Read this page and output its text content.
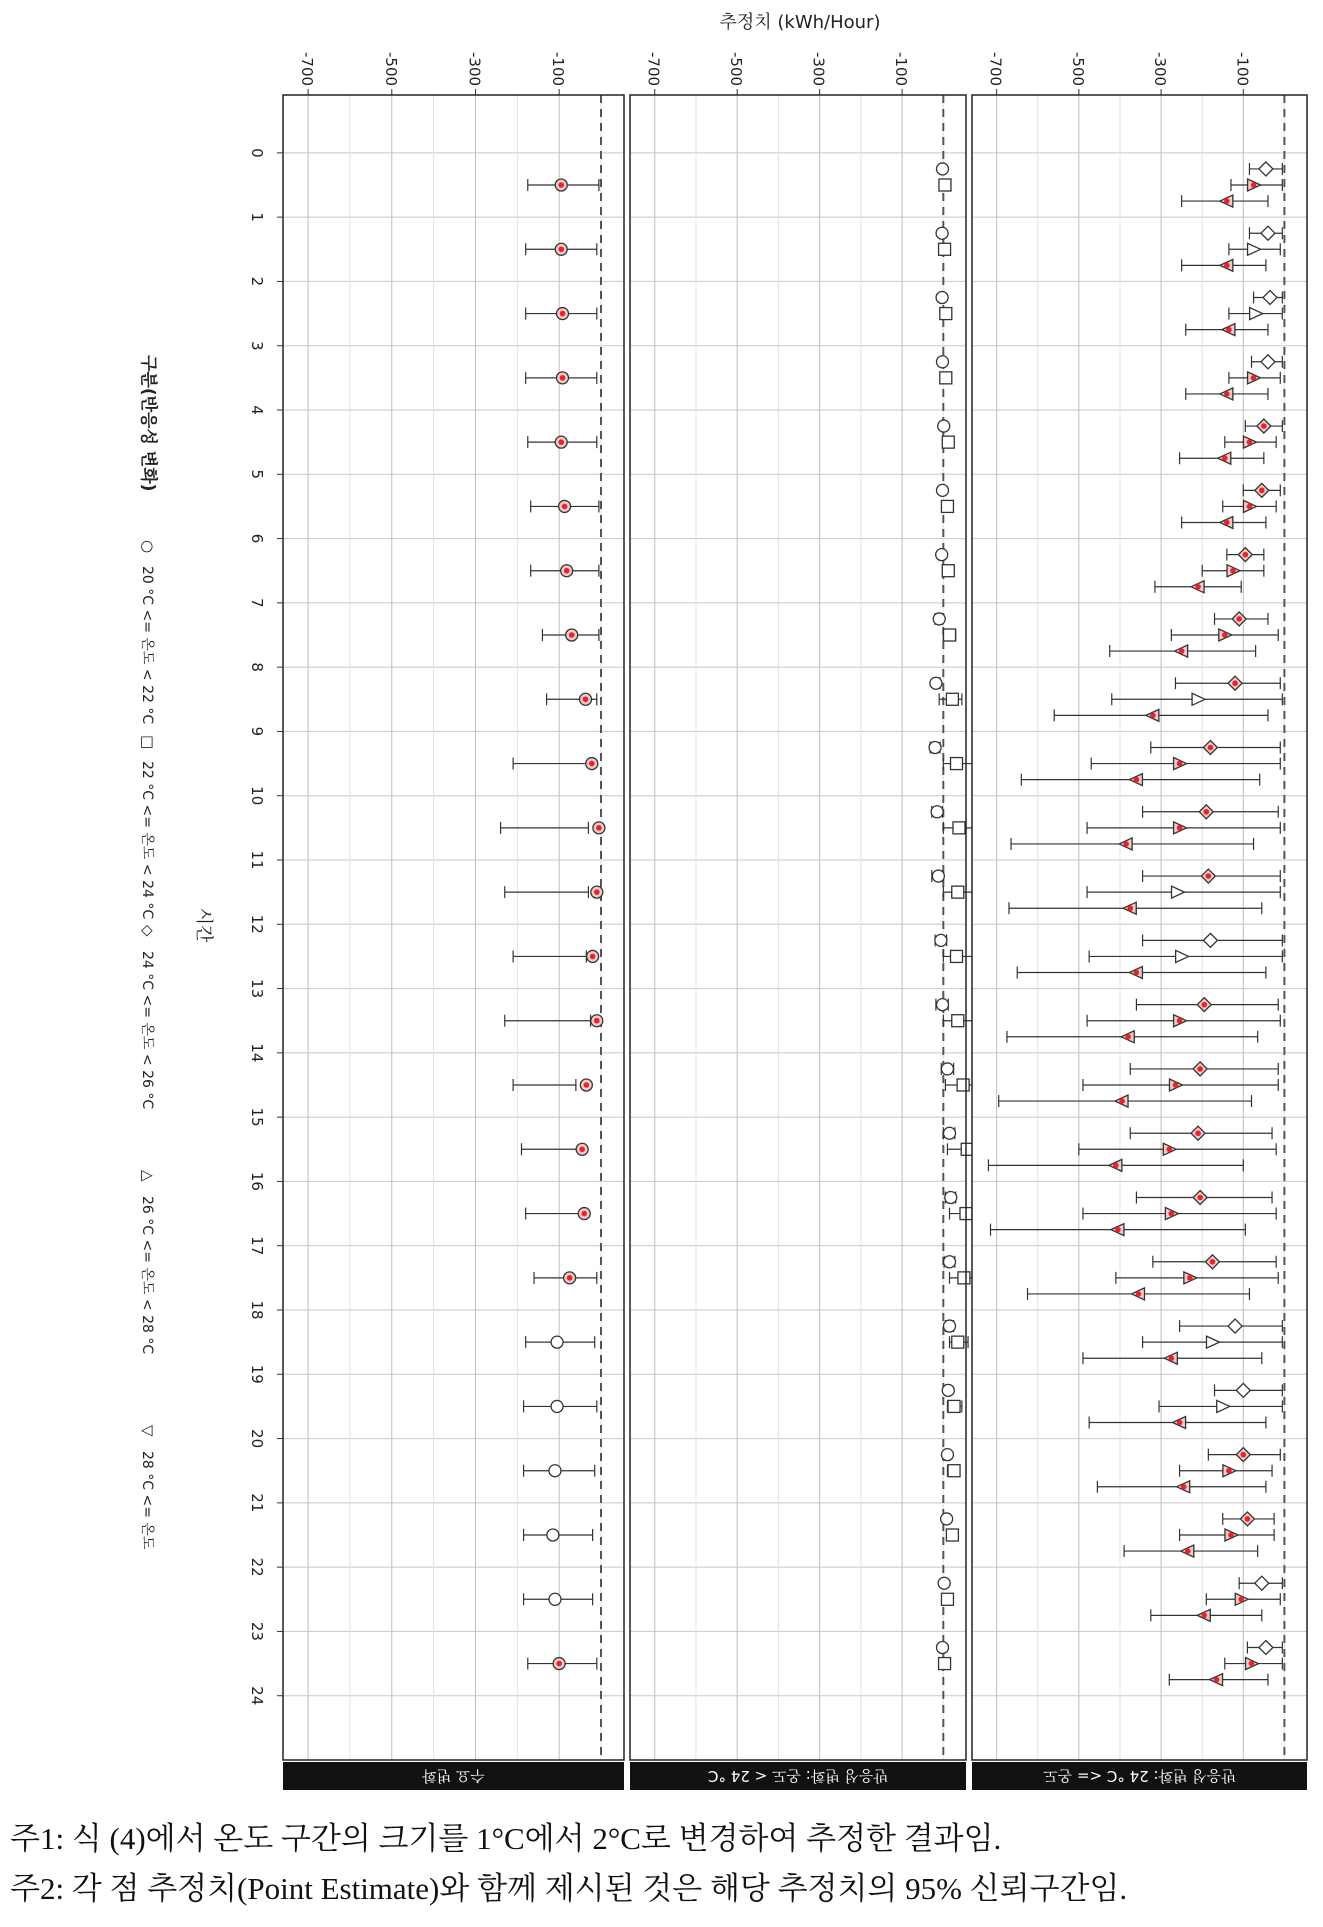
추정치 (kWh/Hour)
-700	-500	-300	-100
수요 변화
-700	-500	-300	-100
반응성 변화: 온도 < 24 °C
-700	-500	-300	-100
반응성 변화: 24 °C <= 온도
구분(반응성 변화)
○
20 °C <= 온도 < 22 °C
□
22 °C <= 온도 < 24 °C
◇
24 °C <= 온도 < 26 °C
△
26 °C <= 온도 < 28 °C
▽
28 °C <= 온도
시간
0
1
2
3
4
5
6
7
8
9
10
11
12
13
14
15
16
17
18
19
20
21
22
23
24
주1: 식 (4)에서 온도 구간의 크기를 1°C에서 2°C로 변경하여 추정한 결과임.
주2: 각 점 추정치(Point Estimate)와 함께 제시된 것은 해당 추정치의 95% 신뢰구간임.
